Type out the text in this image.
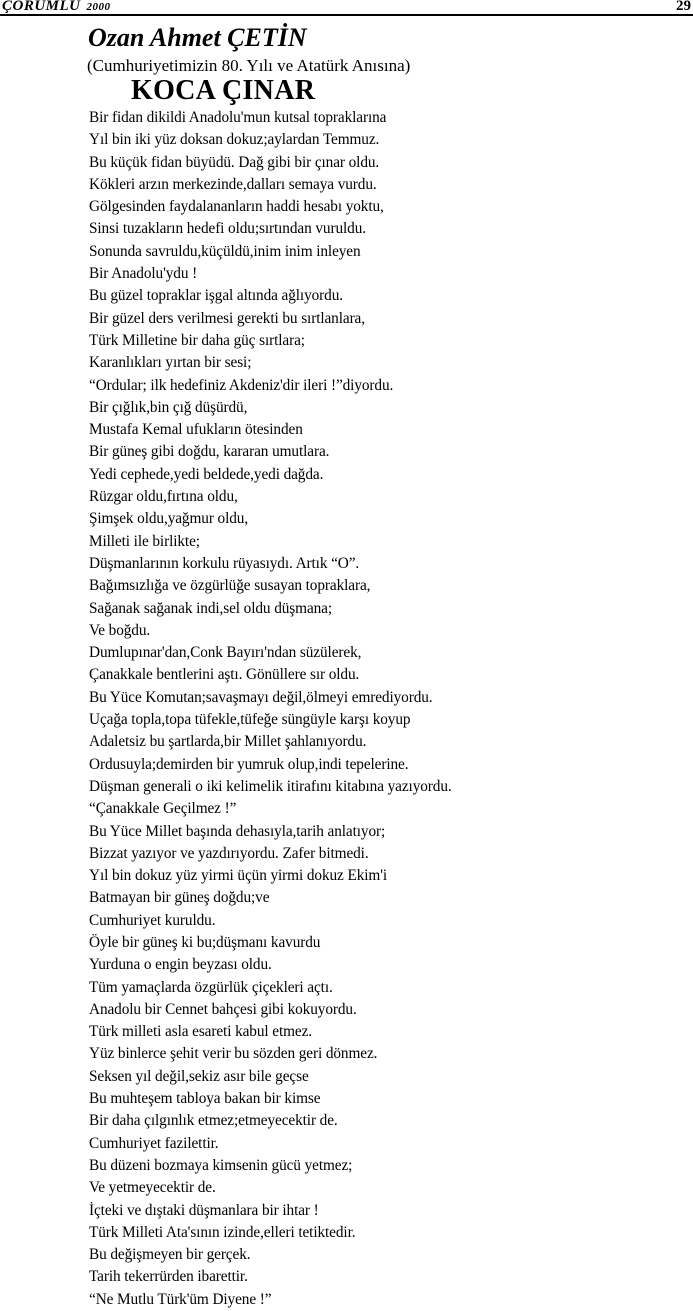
ÇORUMLU 2000	29
Ozan Ahmet ÇETİN
(Cumhuriyetimizin 80. Yılı ve Atatürk Anısına)
KOCA ÇINAR
Bir fidan dikildi Anadolu'mun kutsal topraklarına
Yıl bin iki yüz doksan dokuz;aylardan Temmuz.
Bu küçük fidan büyüdü. Dağ gibi bir çınar oldu.
Kökleri arzın merkezinde,dalları semaya vurdu.
Gölgesinden faydalananların haddi hesabı yoktu,
Sinsi tuzakların hedefi oldu;sırtından vuruldu.
Sonunda savruldu,küçüldü,inim inim inleyen
Bir Anadolu'ydu !
Bu güzel topraklar işgal altında ağlıyordu.
Bir güzel ders verilmesi gerekti bu sırtlanlara,
Türk Milletine bir daha güç sırtlara;
Karanlıkları yırtan bir sesi;
“Ordular; ilk hedefiniz Akdeniz'dir ileri !”diyordu.
Bir çığlık,bin çığ düşürdü,
Mustafa Kemal ufukların ötesinden
Bir güneş gibi doğdu, kararan umutlara.
Yedi cephede,yedi beldede,yedi dağda.
Rüzgar oldu,fırtına oldu,
Şimşek oldu,yağmur oldu,
Milleti ile birlikte;
Düşmanlarının korkulu rüyasıydı. Artık “O”.
Bağımsızlığa ve özgürlüğe susayan topraklara,
Sağanak sağanak indi,sel oldu düşmana;
Ve boğdu.
Dumlupınar'dan,Conk Bayırı'ndan süzülerek,
Çanakkale bentlerini aştı. Gönüllere sır oldu.
Bu Yüce Komutan;savaşmayı değil,ölmeyi emrediyordu.
Uçağa topla,topa tüfekle,tüfeğe süngüyle karşı koyup
Adaletsiz bu şartlarda,bir Millet şahlanıyordu.
Ordusuyla;demirden bir yumruk olup,indi tepelerine.
Düşman generali o iki kelimelik itirafını kitabına yazıyordu.
“Çanakkale Geçilmez !”
Bu Yüce Millet başında dehasıyla,tarih anlatıyor;
Bizzat yazıyor ve yazdırıyordu. Zafer bitmedi.
Yıl bin dokuz yüz yirmi üçün yirmi dokuz Ekim'i
Batmayan bir güneş doğdu;ve
Cumhuriyet kuruldu.
Öyle bir güneş ki bu;düşmanı kavurdu
Yurduna o engin beyzası oldu.
Tüm yamaçlarda özgürlük çiçekleri açtı.
Anadolu bir Cennet bahçesi gibi kokuyordu.
Türk milleti asla esareti kabul etmez.
Yüz binlerce şehit verir bu sözden geri dönmez.
Seksen yıl değil,sekiz asır bile geçse
Bu muhteşem tabloya bakan bir kimse
Bir daha çılgınlık etmez;etmeyecektir de.
Cumhuriyet fazilettir.
Bu düzeni bozmaya kimsenin gücü yetmez;
Ve yetmeyecektir de.
İçteki ve dıştaki düşmanlara bir ihtar !
Türk Milleti Ata'sının izinde,elleri tetiktedir.
Bu değişmeyen bir gerçek.
Tarih tekerrürden ibarettir.
“Ne Mutlu Türk'üm Diyene !”
